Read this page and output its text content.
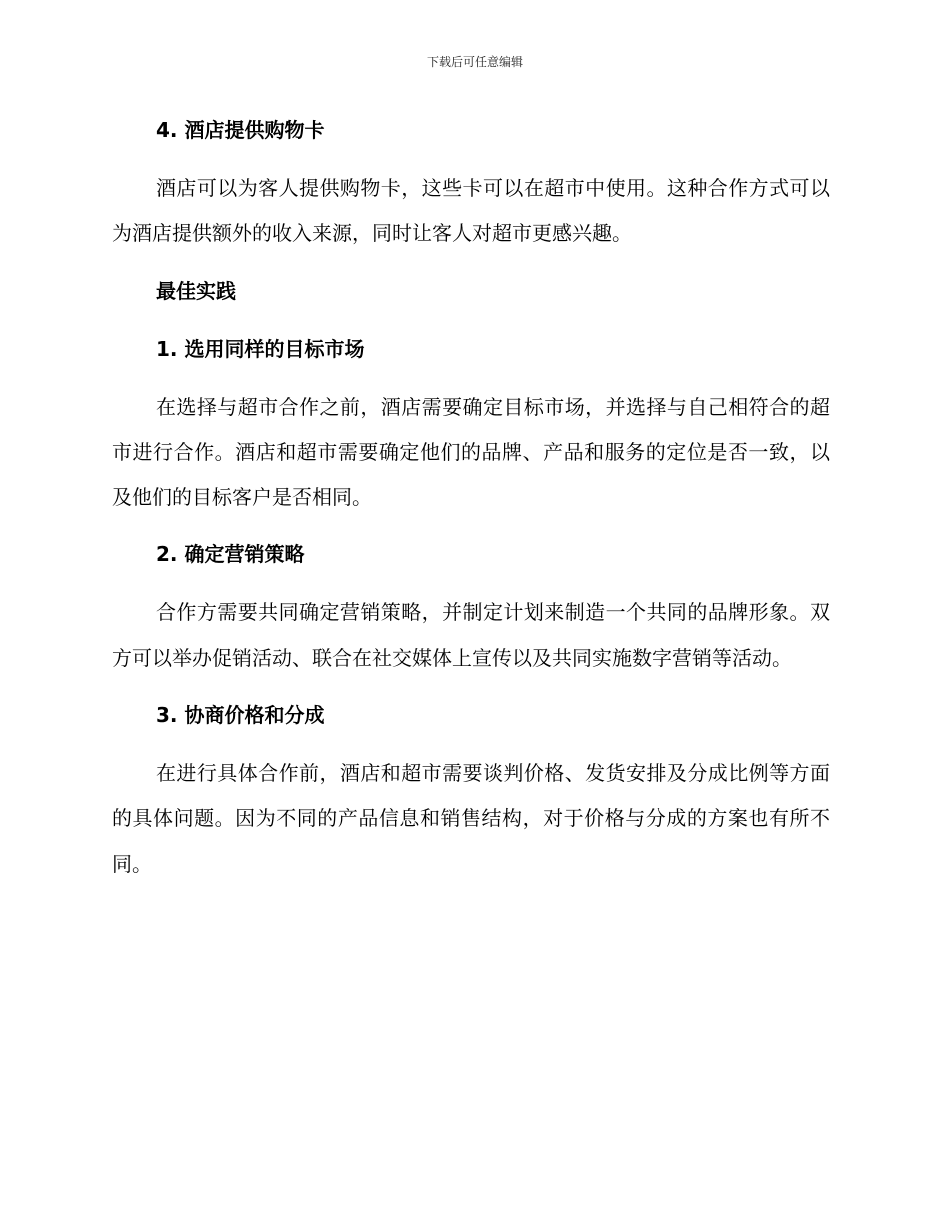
下载后可任意编辑
4. 酒店提供购物卡

酒店可以为客人提供购物卡，这些卡可以在超市中使用。这种合作方式可以为酒店提供额外的收入来源，同时让客人对超市更感兴趣。

最佳实践
1. 选用同样的目标市场

在选择与超市合作之前，酒店需要确定目标市场，并选择与自己相符合的超市进行合作。酒店和超市需要确定他们的品牌、产品和服务的定位是否一致，以及他们的目标客户是否相同。

2. 确定营销策略

合作方需要共同确定营销策略，并制定计划来制造一个共同的品牌形象。双方可以举办促销活动、联合在社交媒体上宣传以及共同实施数字营销等活动。

3. 协商价格和分成

在进行具体合作前，酒店和超市需要谈判价格、发货安排及分成比例等方面的具体问题。因为不同的产品信息和销售结构，对于价格与分成的方案也有所不同。
